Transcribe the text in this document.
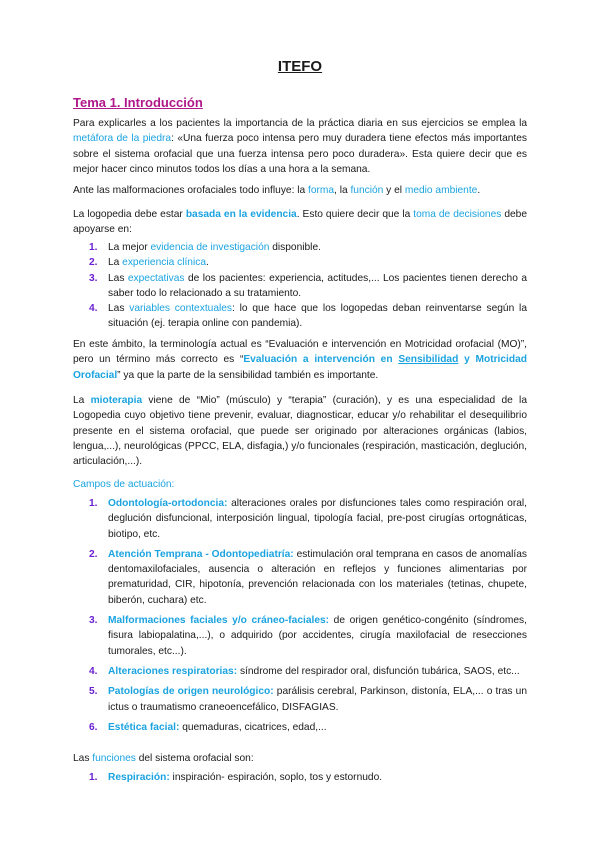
ITEFO
Tema 1. Introducción

Para explicarles a los pacientes la importancia de la práctica diaria en sus ejercicios se emplea la metáfora de la piedra: «Una fuerza poco intensa pero muy duradera tiene efectos más importantes sobre el sistema orofacial que una fuerza intensa pero poco duradera». Esta quiere decir que es mejor hacer cinco minutos todos los días a una hora a la semana.

Ante las malformaciones orofaciales todo influye: la forma, la función y el medio ambiente.

La logopedia debe estar basada en la evidencia. Esto quiere decir que la toma de decisiones debe apoyarse en:

1. La mejor evidencia de investigación disponible.
2. La experiencia clínica.
3. Las expectativas de los pacientes: experiencia, actitudes,... Los pacientes tienen derecho a saber todo lo relacionado a su tratamiento.
4. Las variables contextuales: lo que hace que los logopedas deban reinventarse según la situación (ej. terapia online con pandemia).

En este ámbito, la terminología actual es “Evaluación e intervención en Motricidad orofacial (MO)”, pero un término más correcto es “Evaluación a intervención en Sensibilidad y Motricidad Orofacial” ya que la parte de la sensibilidad también es importante.

La mioterapia viene de “Mio” (músculo) y “terapia” (curación), y es una especialidad de la Logopedia cuyo objetivo tiene prevenir, evaluar, diagnosticar, educar y/o rehabilitar el desequilibrio presente en el sistema orofacial, que puede ser originado por alteraciones orgánicas (labios, lengua,...), neurológicas (PPCC, ELA, disfagia,) y/o funcionales (respiración, masticación, deglución, articulación,...).

Campos de actuación:

1. Odontología-ortodoncia: alteraciones orales por disfunciones tales como respiración oral, deglución disfuncional, interposición lingual, tipología facial, pre-post cirugías ortognáticas, biotipo, etc.
2. Atención Temprana - Odontopediatría: estimulación oral temprana en casos de anomalías dentomaxilofaciales, ausencia o alteración en reflejos y funciones alimentarias por prematuridad, CIR, hipotonía, prevención relacionada con los materiales (tetinas, chupete, biberón, cuchara) etc.
3. Malformaciones faciales y/o cráneo-faciales: de origen genético-congénito (síndromes, fisura labiopalatina,...), o adquirido (por accidentes, cirugía maxilofacial de resecciones tumorales, etc...).
4. Alteraciones respiratorias: síndrome del respirador oral, disfunción tubárica, SAOS, etc...
5. Patologías de origen neurológico: parálisis cerebral, Parkinson, distonía, ELA,... o tras un ictus o traumatismo craneoencefálico, DISFAGIAS.
6. Estética facial: quemaduras, cicatrices, edad,...

Las funciones del sistema orofacial son:

1. Respiración: inspiración- espiración, soplo, tos y estornudo.
